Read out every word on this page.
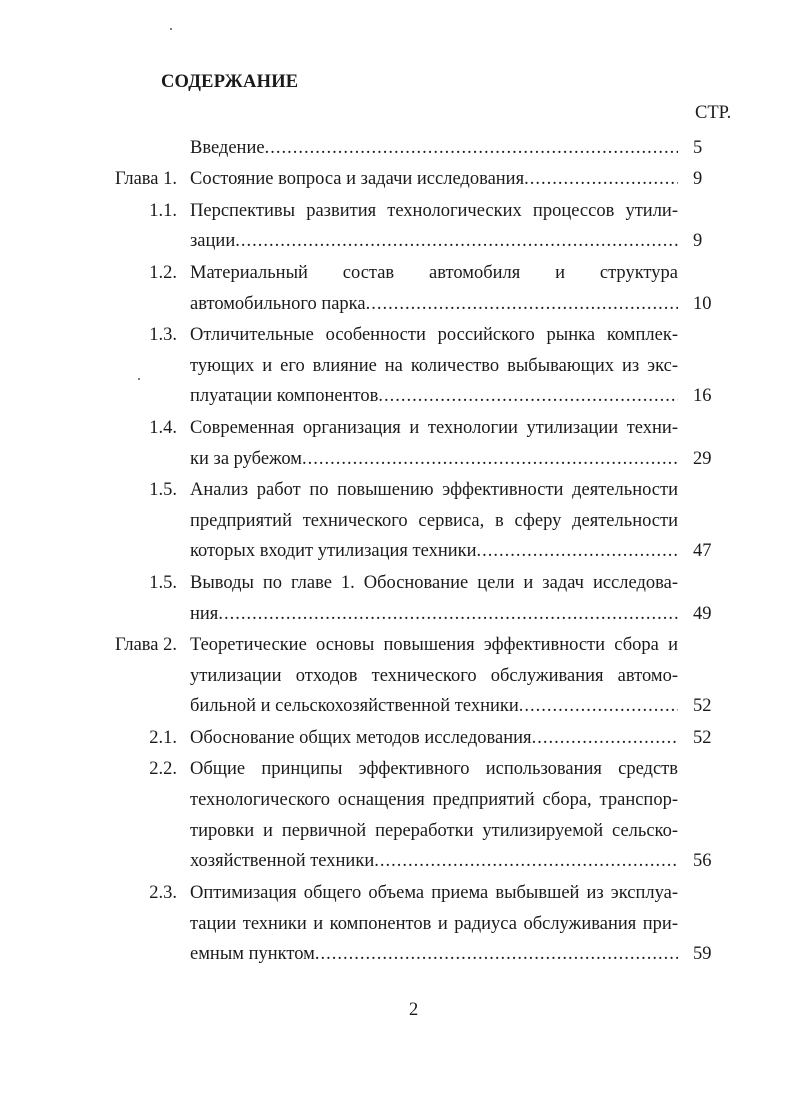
СОДЕРЖАНИЕ
СТР.
Введение .....	5
Глава 1. Состояние вопроса и задачи исследования .....	9
1.1. Перспективы развития технологических процессов утили-
зации .....	9
1.2. Материальный состав автомобиля и структура
автомобильного парка .....	10
1.3. Отличительные особенности российского рынка комплек-
тующих и его влияние на количество выбывающих из экс-
плуатации компонентов .....	16
1.4. Современная организация и технологии утилизации техни-
ки за рубежом .....	29
1.5. Анализ работ по повышению эффективности деятельности
предприятий технического сервиса, в сферу деятельности
которых входит утилизация техники .....	47
1.5. Выводы по главе 1. Обоснование цели и задач исследова-
ния .....	49
Глава 2. Теоретические основы повышения эффективности сбора и
утилизации отходов технического обслуживания автомо-
бильной и сельскохозяйственной техники .....	52
2.1. Обоснование общих методов исследования .....	52
2.2. Общие принципы эффективного использования средств
технологического оснащения предприятий сбора, транспор-
тировки и первичной переработки утилизируемой сельско-
хозяйственной техники .....	56
2.3. Оптимизация общего объема приема выбывшей из эксплуа-
тации техники и компонентов и радиуса обслуживания при-
емным пунктом .....	59
2
